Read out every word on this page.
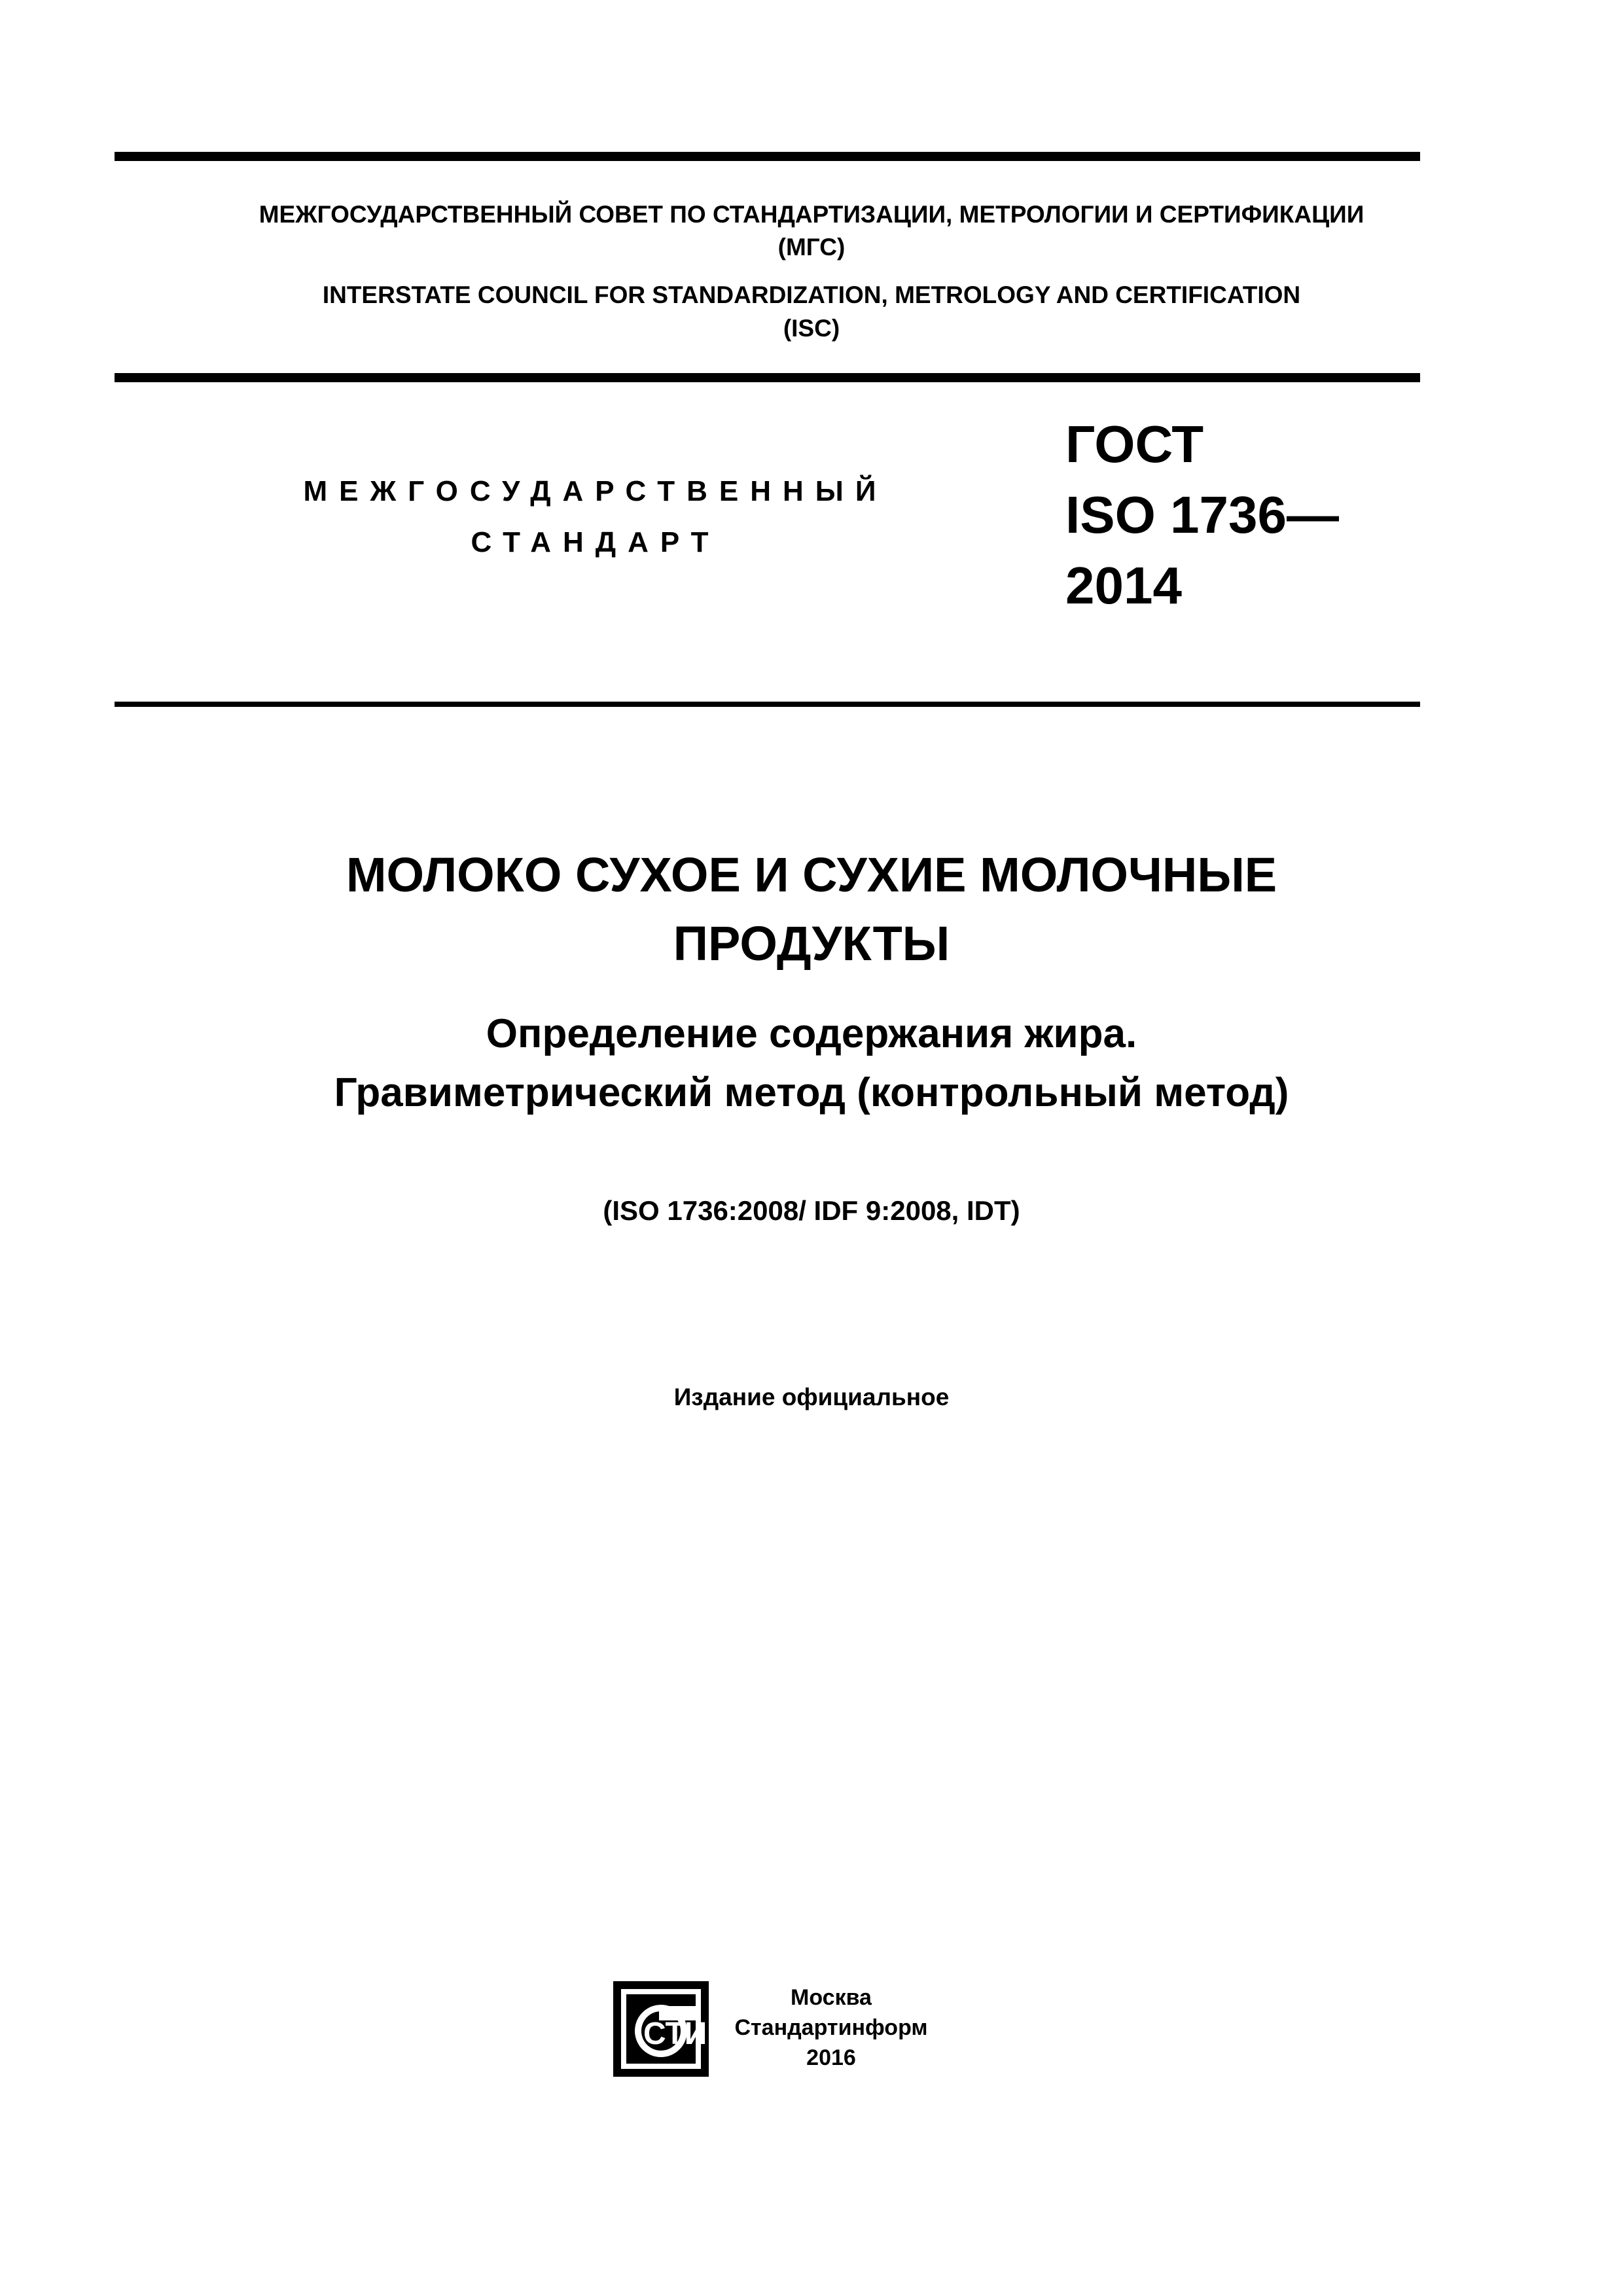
МЕЖГОСУДАРСТВЕННЫЙ СОВЕТ ПО СТАНДАРТИЗАЦИИ, МЕТРОЛОГИИ И СЕРТИФИКАЦИИ
(МГС)
INTERSTATE COUNCIL FOR STANDARDIZATION, METROLOGY AND CERTIFICATION
(ISC)
МЕЖГОСУДАРСТВЕННЫЙ
СТАНДАРТ
ГОСТ
ISO 1736—
2014
МОЛОКО СУХОЕ И СУХИЕ МОЛОЧНЫЕ
ПРОДУКТЫ
Определение содержания жира.
Гравиметрический метод (контрольный метод)
(ISO 1736:2008/ IDF 9:2008, IDT)
Издание официальное
СТИ
Москва
Стандартинформ
2016
